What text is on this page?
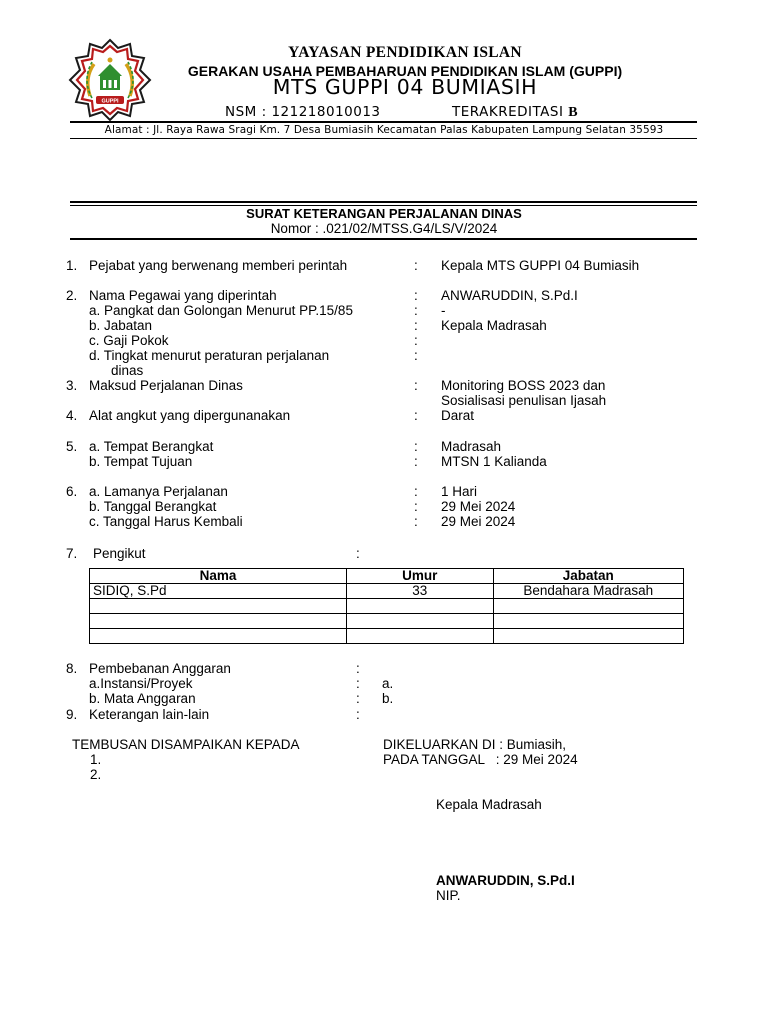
GUPPI
YAYASAN PENDIDIKAN ISLAN
GERAKAN USAHA PEMBAHARUAN PENDIDIKAN ISLAM (GUPPI)
MTS GUPPI 04 BUMIASIH
NSM : 121218010013	TERAKREDITASI B
Alamat : Jl. Raya Rawa Sragi Km. 7 Desa Bumiasih Kecamatan Palas Kabupaten Lampung Selatan 35593
SURAT KETERANGAN PERJALANAN DINAS
Nomor : .021/02/MTSS.G4/LS/V/2024
1. Pejabat yang berwenang memberi perintah	: Kepala MTS GUPPI 04 Bumiasih
2. Nama Pegawai yang diperintah	: ANWARUDDIN, S.Pd.I
a. Pangkat dan Golongan Menurut PP.15/85	: -
b. Jabatan	: Kepala Madrasah
c. Gaji Pokok	:
d. Tingkat menurut peraturan perjalanan	:
dinas
3. Maksud Perjalanan Dinas	: Monitoring BOSS 2023 dan
Sosialisasi penulisan Ijasah
4. Alat angkut yang dipergunanakan	: Darat
5. a. Tempat Berangkat	: Madrasah
b. Tempat Tujuan	: MTSN 1 Kalianda
6. a. Lamanya Perjalanan	: 1 Hari
b. Tanggal Berangkat	: 29 Mei 2024
c. Tanggal Harus Kembali	: 29 Mei 2024
7. Pengikut	:
Nama	Umur	Jabatan
SIDIQ, S.Pd	33	Bendahara Madrasah

8. Pembebanan Anggaran	:
a.Instansi/Proyek	: a.
b. Mata Anggaran	: b.
9. Keterangan lain-lain	:
TEMBUSAN DISAMPAIKAN KEPADA
1.
2.
DIKELUARKAN DI : Bumiasih,
PADA TANGGAL   : 29 Mei 2024
Kepala Madrasah
ANWARUDDIN, S.Pd.I
NIP.
